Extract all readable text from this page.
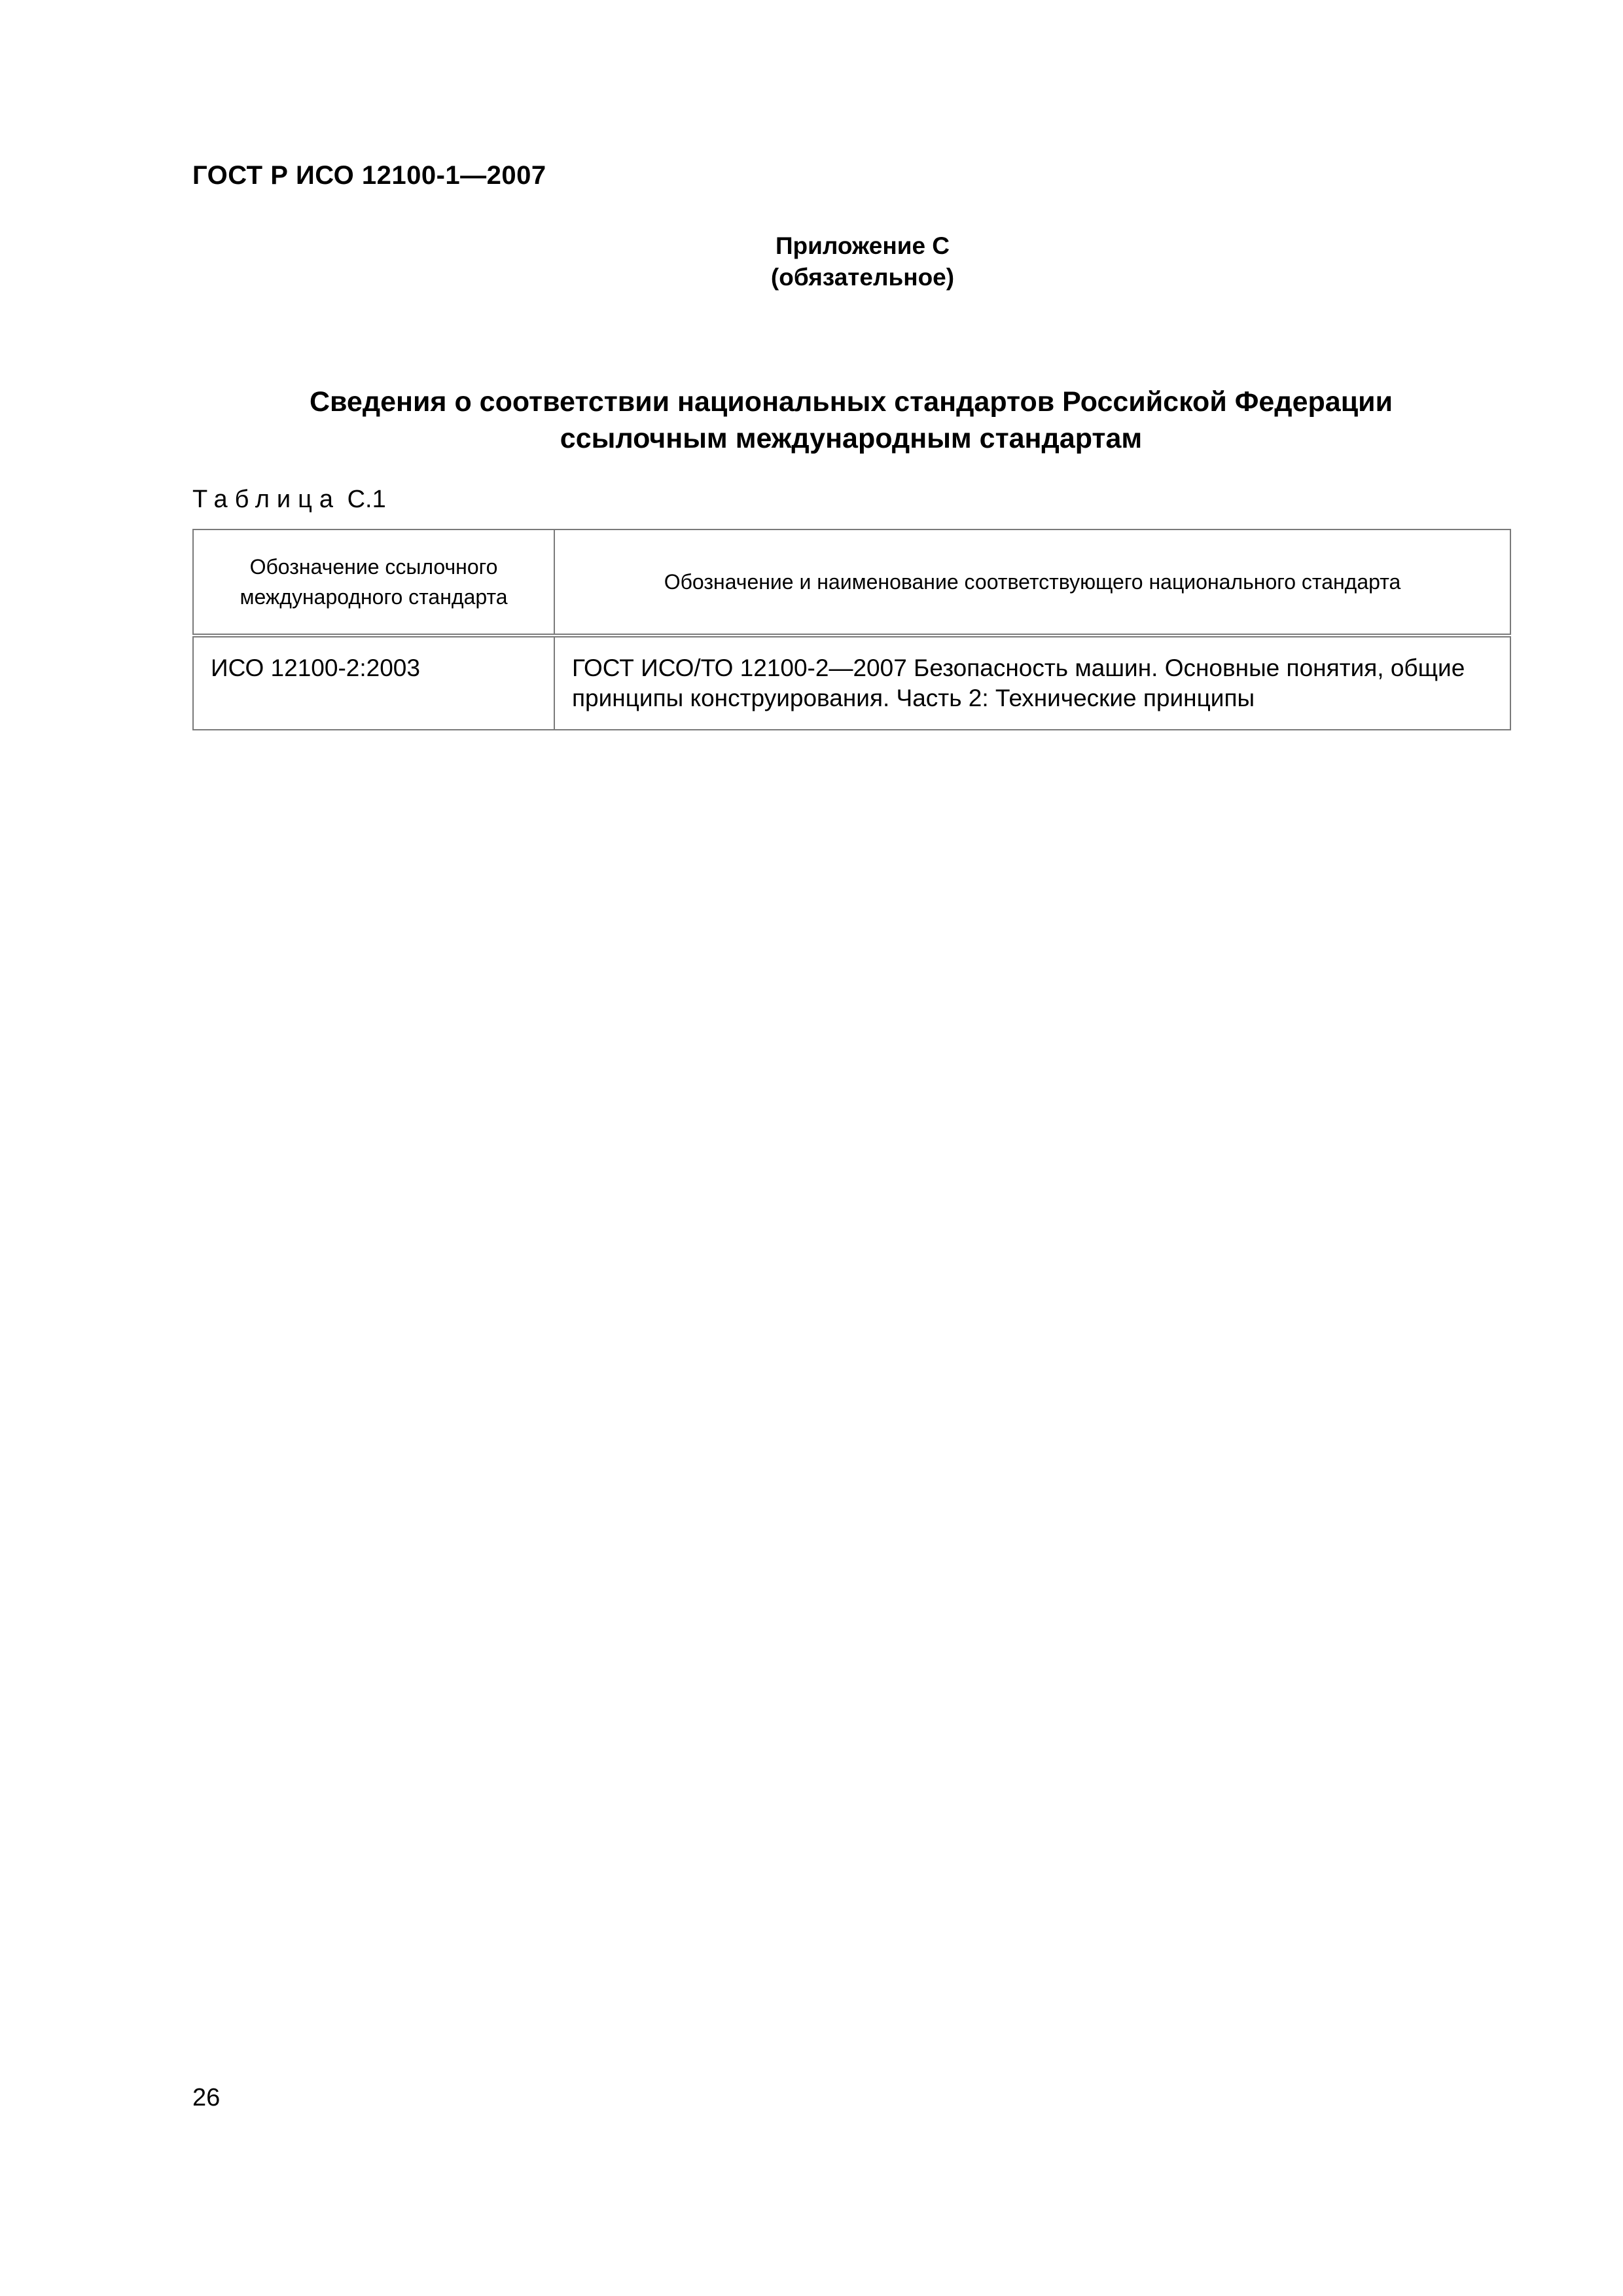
ГОСТ Р ИСО 12100-1—2007
Приложение С
(обязательное)
Сведения о соответствии национальных стандартов Российской Федерации
ссылочным международным стандартам
Таблица С.1
Обозначение ссылочного международного стандарта	Обозначение и наименование соответствующего национального стандарта
ИСО 12100-2:2003	ГОСТ ИСО/ТО 12100-2—2007 Безопасность машин. Основные понятия, общие принципы конструирования. Часть 2: Технические принципы
26
